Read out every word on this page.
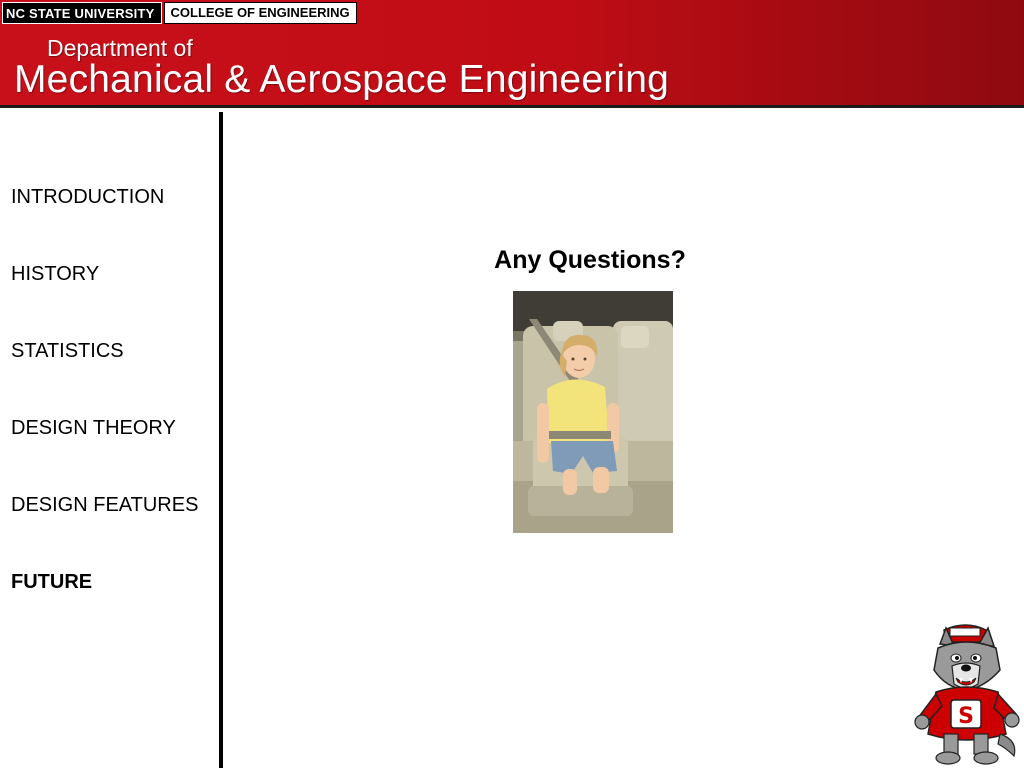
NC STATE UNIVERSITY	COLLEGE OF ENGINEERING
Department of
Mechanical & Aerospace Engineering
INTRODUCTION
HISTORY
STATISTICS
DESIGN THEORY
DESIGN FEATURES
FUTURE
Any Questions?
S
